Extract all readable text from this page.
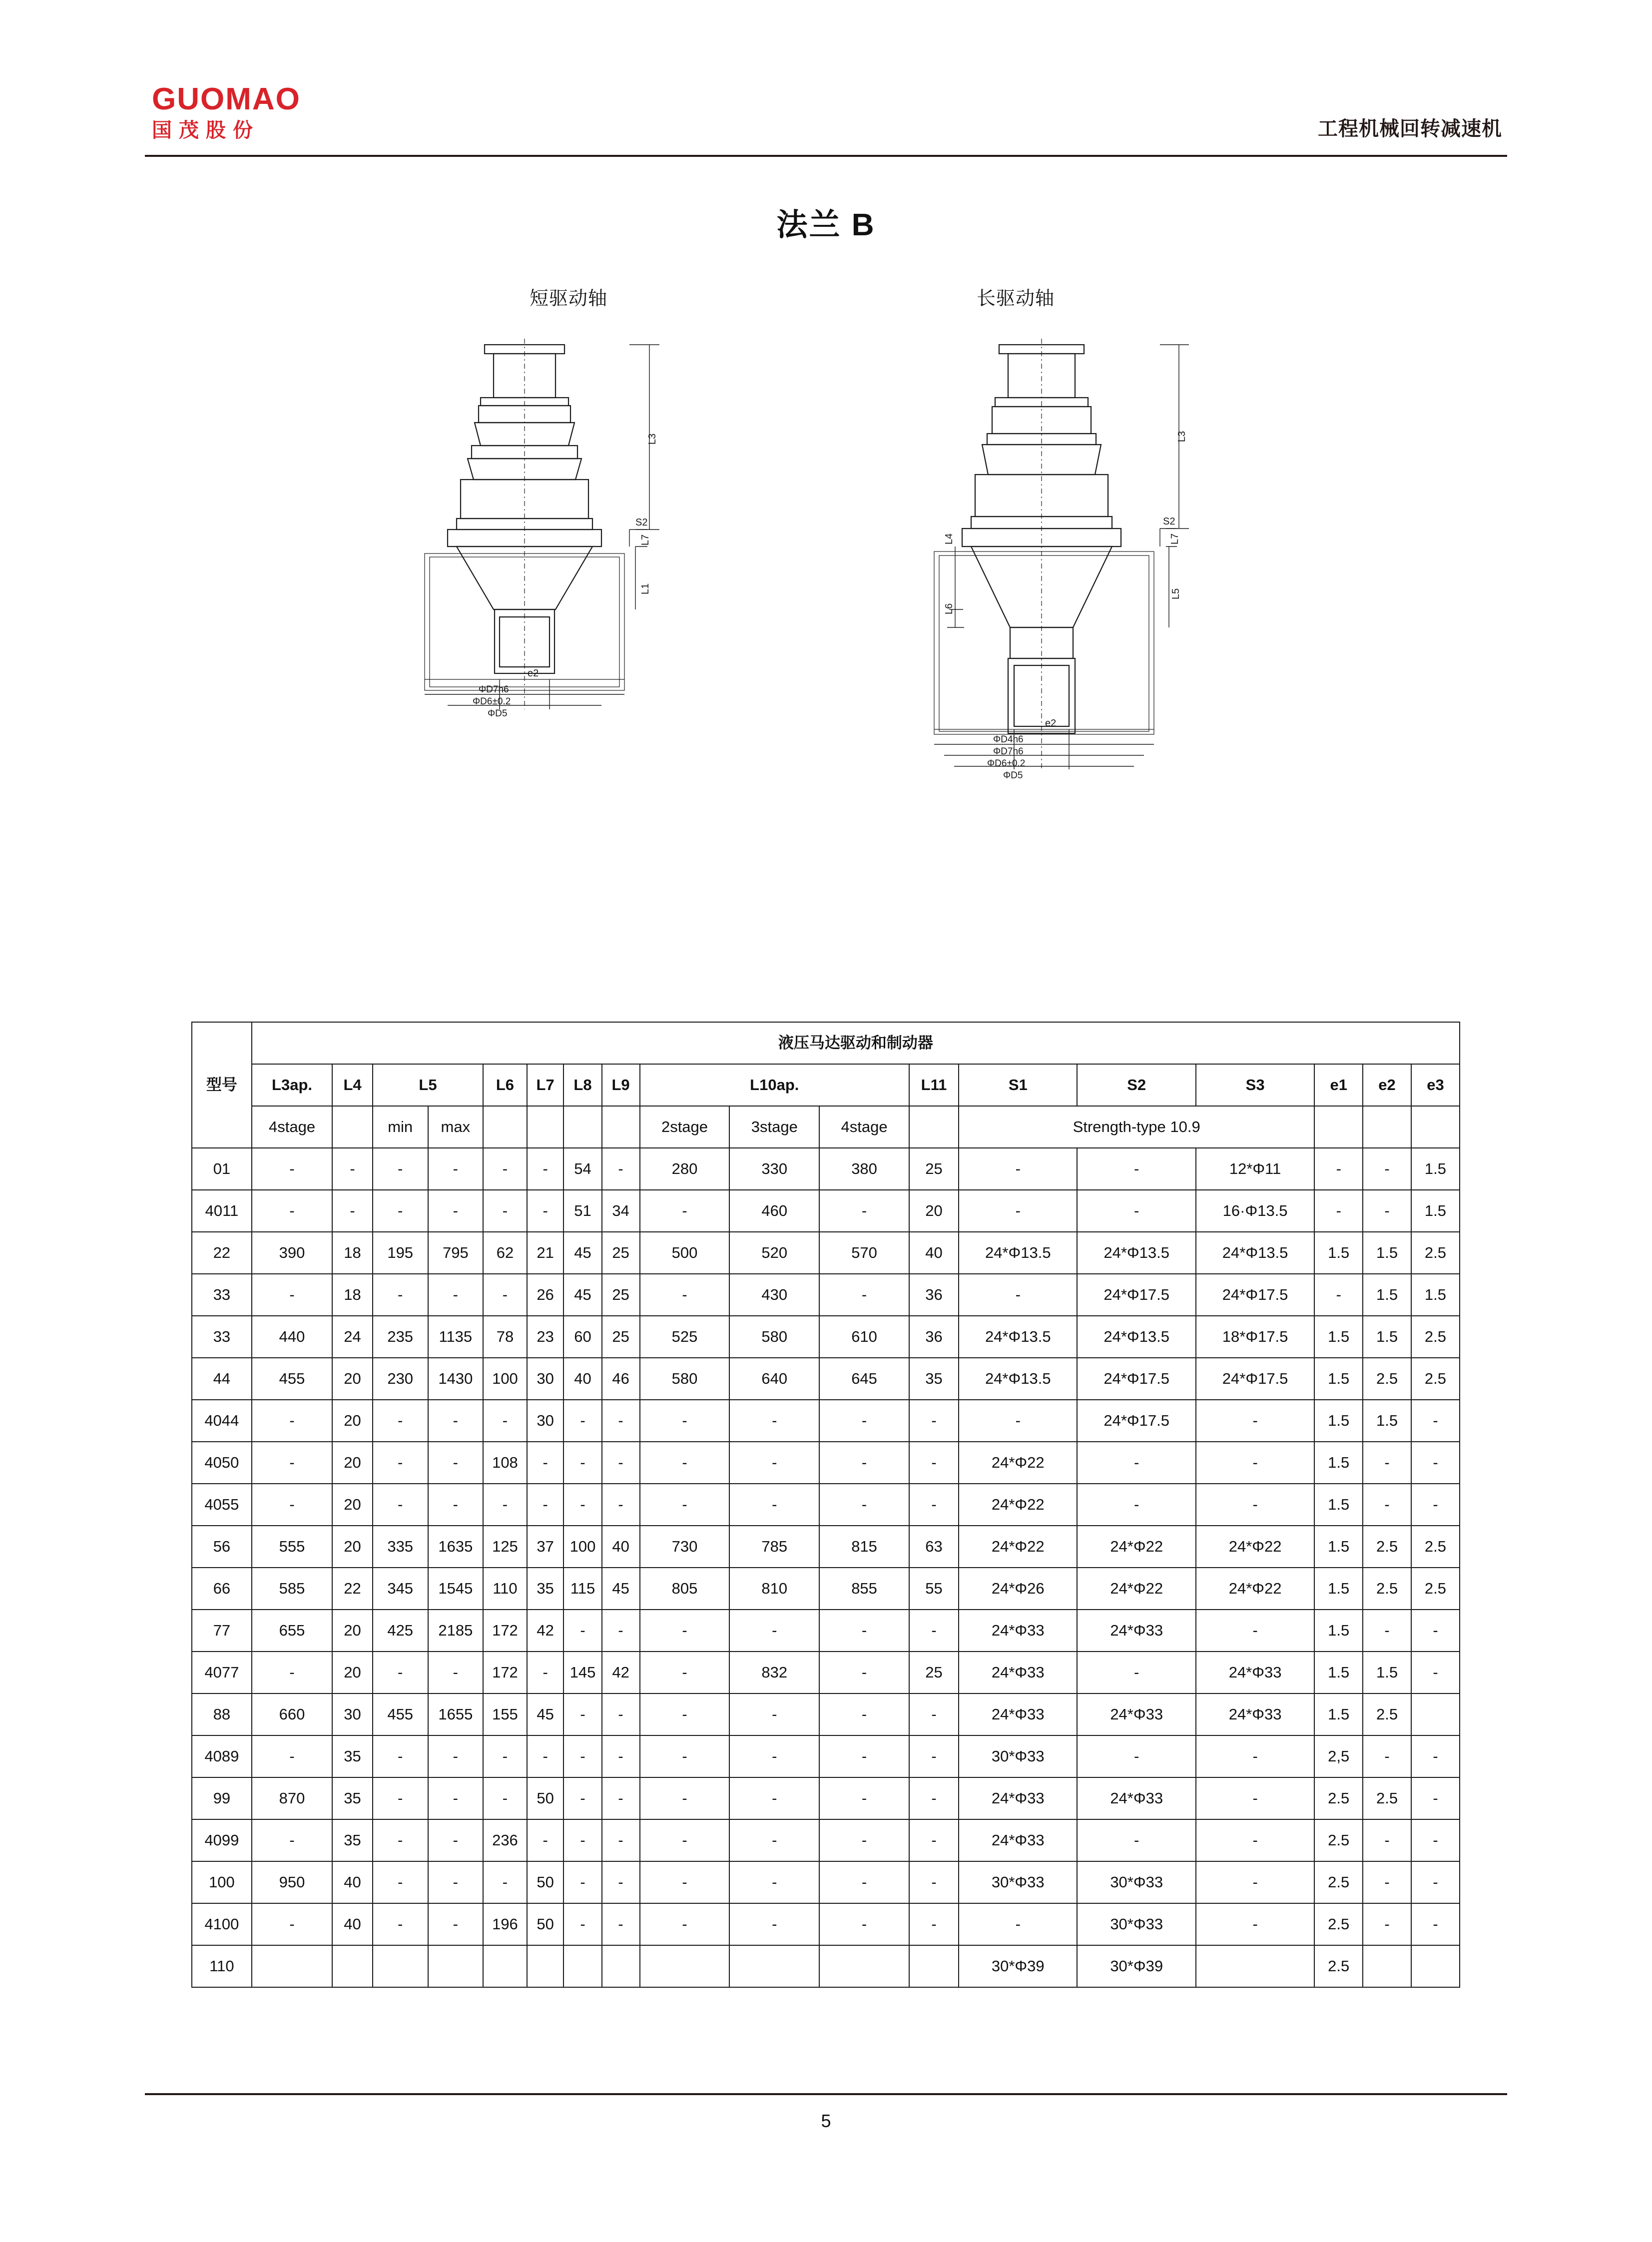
GUOMAO
国茂股份	工程机械回转减速机
法兰 B
短驱动轴	长驱动轴
L3
S2
L7
L1
e2
ΦD7h6
ΦD6±0.2
ΦD5
L3
S2
L7
L4
L5
L6
e2
ΦD4h6
ΦD7h6
ΦD6±0.2
ΦD5
型号	液压马达驱动和制动器																	
	L3ap.	L4	L5		L6	L7	L8	L9	L10ap.			L11	S1	S2	S3	e1	e2	e3
	4stage		min	max					2stage	3stage	4stage		Strength-type 10.9					
01	-	-	-	-	-	-	54	-	280	330	380	25	-	-	12*Φ11	-	-	1.5
4011	-	-	-	-	-	-	51	34	-	460	-	20	-	-	16·Φ13.5	-	-	1.5
22	390	18	195	795	62	21	45	25	500	520	570	40	24*Φ13.5	24*Φ13.5	24*Φ13.5	1.5	1.5	2.5
33	-	18	-	-	-	26	45	25	-	430	-	36	-	24*Φ17.5	24*Φ17.5	-	1.5	1.5
33	440	24	235	1135	78	23	60	25	525	580	610	36	24*Φ13.5	24*Φ13.5	18*Φ17.5	1.5	1.5	2.5
44	455	20	230	1430	100	30	40	46	580	640	645	35	24*Φ13.5	24*Φ17.5	24*Φ17.5	1.5	2.5	2.5
4044	-	20	-	-	-	30	-	-	-	-	-	-	-	24*Φ17.5	-	1.5	1.5	-
4050	-	20	-	-	108	-	-	-	-	-	-	-	24*Φ22	-	-	1.5	-	-
4055	-	20	-	-	-	-	-	-	-	-	-	-	24*Φ22	-	-	1.5	-	-
56	555	20	335	1635	125	37	100	40	730	785	815	63	24*Φ22	24*Φ22	24*Φ22	1.5	2.5	2.5
66	585	22	345	1545	110	35	115	45	805	810	855	55	24*Φ26	24*Φ22	24*Φ22	1.5	2.5	2.5
77	655	20	425	2185	172	42	-	-	-	-	-	-	24*Φ33	24*Φ33	-	1.5	-	-
4077	-	20	-	-	172	-	145	42	-	832	-	25	24*Φ33	-	24*Φ33	1.5	1.5	-
88	660	30	455	1655	155	45	-	-	-	-	-	-	24*Φ33	24*Φ33	24*Φ33	1.5	2.5	
4089	-	35	-	-	-	-	-	-	-	-	-	-	30*Φ33	-	-	2,5	-	-
99	870	35	-	-	-	50	-	-	-	-	-	-	24*Φ33	24*Φ33	-	2.5	2.5	-
4099	-	35	-	-	236	-	-	-	-	-	-	-	24*Φ33	-	-	2.5	-	-
100	950	40	-	-	-	50	-	-	-	-	-	-	30*Φ33	30*Φ33	-	2.5	-	-
4100	-	40	-	-	196	50	-	-	-	-	-	-	-	30*Φ33	-	2.5	-	-
110													30*Φ39	30*Φ39		2.5		
5
